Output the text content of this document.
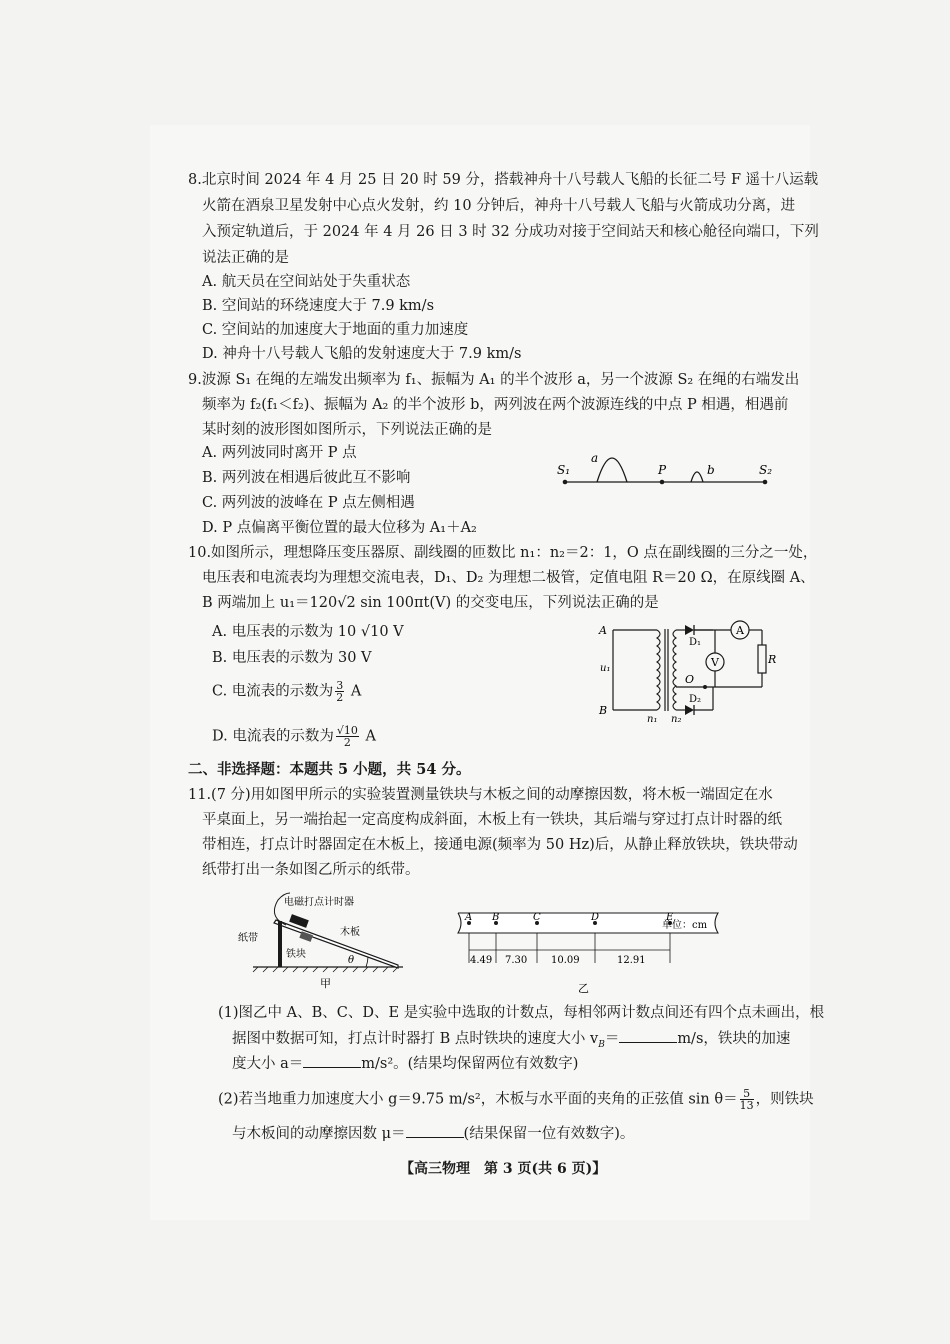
8.北京时间 2024 年 4 月 25 日 20 时 59 分，搭载神舟十八号载人飞船的长征二号 F 遥十八运载
火箭在酒泉卫星发射中心点火发射，约 10 分钟后，神舟十八号载人飞船与火箭成功分离，进
入预定轨道后，于 2024 年 4 月 26 日 3 时 32 分成功对接于空间站天和核心舱径向端口，下列
说法正确的是
A. 航天员在空间站处于失重状态
B. 空间站的环绕速度大于 7.9 km/s
C. 空间站的加速度大于地面的重力加速度
D. 神舟十八号载人飞船的发射速度大于 7.9 km/s
9.波源 S₁ 在绳的左端发出频率为 f₁、振幅为 A₁ 的半个波形 a，另一个波源 S₂ 在绳的右端发出
频率为 f₂(f₁＜f₂)、振幅为 A₂ 的半个波形 b，两列波在两个波源连线的中点 P 相遇，相遇前
某时刻的波形图如图所示，下列说法正确的是
A. 两列波同时离开 P 点
B. 两列波在相遇后彼此互不影响
C. 两列波的波峰在 P 点左侧相遇
D. P 点偏离平衡位置的最大位移为 A₁＋A₂
S₁
a
P	b	S₂
10.如图所示，理想降压变压器原、副线圈的匝数比 n₁：n₂＝2：1，O 点在副线圈的三分之一处，
电压表和电流表均为理想交流电表，D₁、D₂ 为理想二极管，定值电阻 R＝20 Ω，在原线圈 A、
B 两端加上 u₁＝120√2 sin 100πt(V) 的交变电压，下列说法正确的是
A. 电压表的示数为 10 √10 V
B. 电压表的示数为 30 V
C. 电流表的示数为 $\frac{3}{2}$ A
D. 电流表的示数为 $\frac{√10}{2}$ A
A
R
V
O
A
B
u₁
n₁ n₂
D₁
D₂
二、非选择题：本题共 5 小题，共 54 分。
11.(7 分)用如图甲所示的实验装置测量铁块与木板之间的动摩擦因数，将木板一端固定在水
平桌面上，另一端抬起一定高度构成斜面，木板上有一铁块，其后端与穿过打点计时器的纸
带相连，打点计时器固定在木板上，接通电源(频率为 50 Hz)后，从静止释放铁块，铁块带动
纸带打出一条如图乙所示的纸带。
电磁打点计时器
纸带
木板
铁块
θ
甲
A B	C	D	E
单位：cm
4.49 7.30 10.09	12.91
乙
(1)图乙中 A、B、C、D、E 是实验中选取的计数点，每相邻两计数点间还有四个点未画出，根
据图中数据可知，打点计时器打 B 点时铁块的速度大小 $v_B=$	m/s，铁块的加速
度大小 a＝	m/s²。(结果均保留两位有效数字)
(2)若当地重力加速度大小 g＝9.75 m/s²，木板与水平面的夹角的正弦值 $\sin \theta= \frac{5}{13}$ ，则铁块
与木板间的动摩擦因数 μ＝	(结果保留一位有效数字)。
【高三物理　第 3 页(共 6 页)】
